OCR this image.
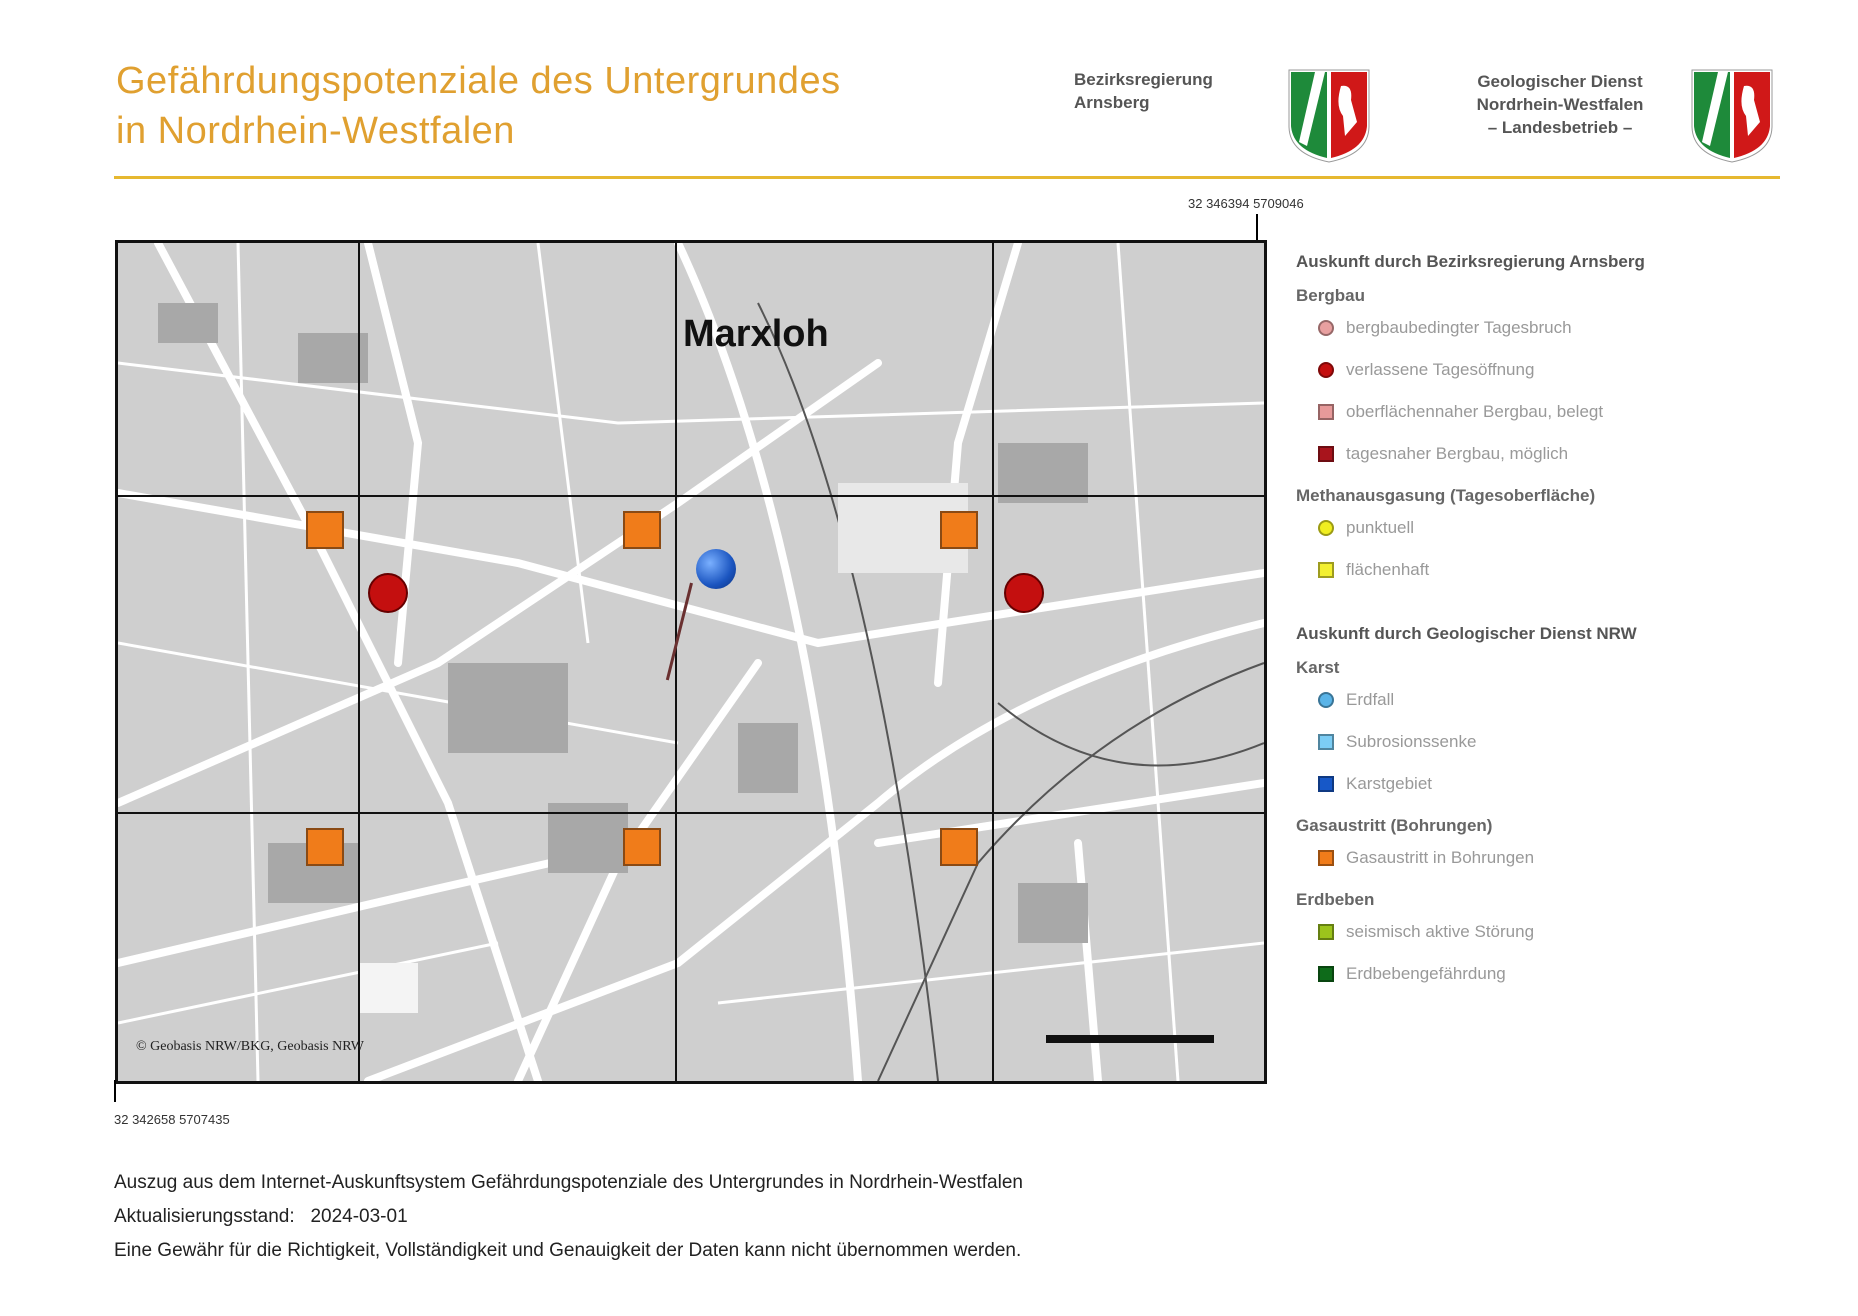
Gefährdungspotenziale des Untergrundes
in Nordrhein-Westfalen
Bezirksregierung
Arnsberg
Geologischer Dienst
Nordrhein-Westfalen
– Landesbetrieb –
32 346394 5709046
Marxloh
© Geobasis NRW/BKG, Geobasis NRW
32 342658 5707435
Auskunft durch Bezirksregierung Arnsberg
Bergbau
bergbaubedingter Tagesbruch
verlassene Tagesöffnung
oberflächennaher Bergbau, belegt
tagesnaher Bergbau, möglich
Methanausgasung (Tagesoberfläche)
punktuell
flächenhaft
Auskunft durch Geologischer Dienst NRW
Karst
Erdfall
Subrosionssenke
Karstgebiet
Gasaustritt (Bohrungen)
Gasaustritt in Bohrungen
Erdbeben
seismisch aktive Störung
Erdbebengefährdung
Auszug aus dem Internet-Auskunftsystem Gefährdungspotenziale des Untergrundes in Nordrhein-Westfalen
Aktualisierungsstand: 2024-03-01
Eine Gewähr für die Richtigkeit, Vollständigkeit und Genauigkeit der Daten kann nicht übernommen werden.
